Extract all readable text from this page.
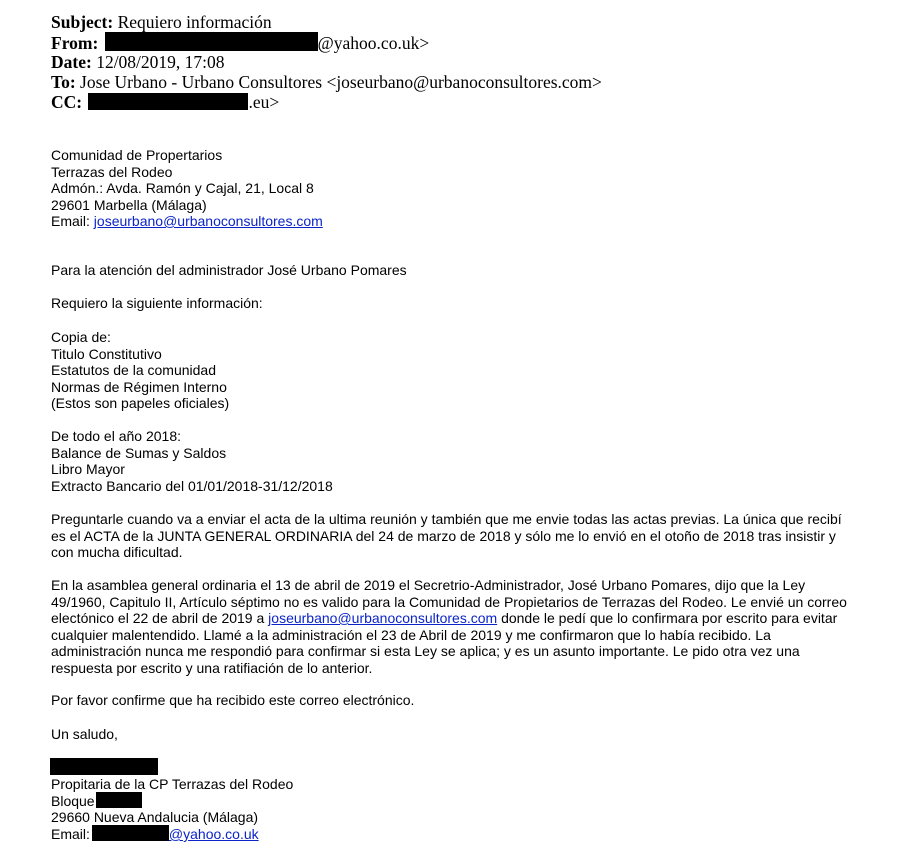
Subject: Requiero información
From:	@yahoo.co.uk>
Date: 12/08/2019, 17:08
To: Jose Urbano - Urbano Consultores <joseurbano@urbanoconsultores.com>
CC:	.eu>
Comunidad de Propertarios
Terrazas del Rodeo
Admón.: Avda. Ramón y Cajal, 21, Local 8
29601 Marbella (Málaga)
Email: joseurbano@urbanoconsultores.com
Para la atención del administrador José Urbano Pomares
Requiero la siguiente información:
Copia de:
Titulo Constitutivo
Estatutos de la comunidad
Normas de Régimen Interno
(Estos son papeles oficiales)
De todo el año 2018:
Balance de Sumas y Saldos
Libro Mayor
Extracto Bancario del 01/01/2018-31/12/2018
Preguntarle cuando va a enviar el acta de la ultima reunión y también que me envie todas las actas previas. La única que recibí es el ACTA de la JUNTA GENERAL ORDINARIA del 24 de marzo de 2018 y sólo me lo envió en el otoño de 2018 tras insistir y con mucha dificultad.
En la asamblea general ordinaria el 13 de abril de 2019 el Secretrio-Administrador, José Urbano Pomares, dijo que la Ley 49/1960, Capitulo II, Artículo séptimo no es valido para la Comunidad de Propietarios de Terrazas del Rodeo. Le envié un correo electónico el 22 de abril de 2019 a joseurbano@urbanoconsultores.com donde le pedí que lo confirmara por escrito para evitar cualquier malentendido. Llamé a la administración el 23 de Abril de 2019 y me confirmaron que lo había recibido. La administración nunca me respondió para confirmar si esta Ley se aplica; y es un asunto importante. Le pido otra vez una respuesta por escrito y una ratifiación de lo anterior.
Por favor confirme que ha recibido este correo electrónico.
Un saludo,
Propitaria de la CP Terrazas del Rodeo
Bloque
29660 Nueva Andalucia (Málaga)
Email:	@yahoo.co.uk
